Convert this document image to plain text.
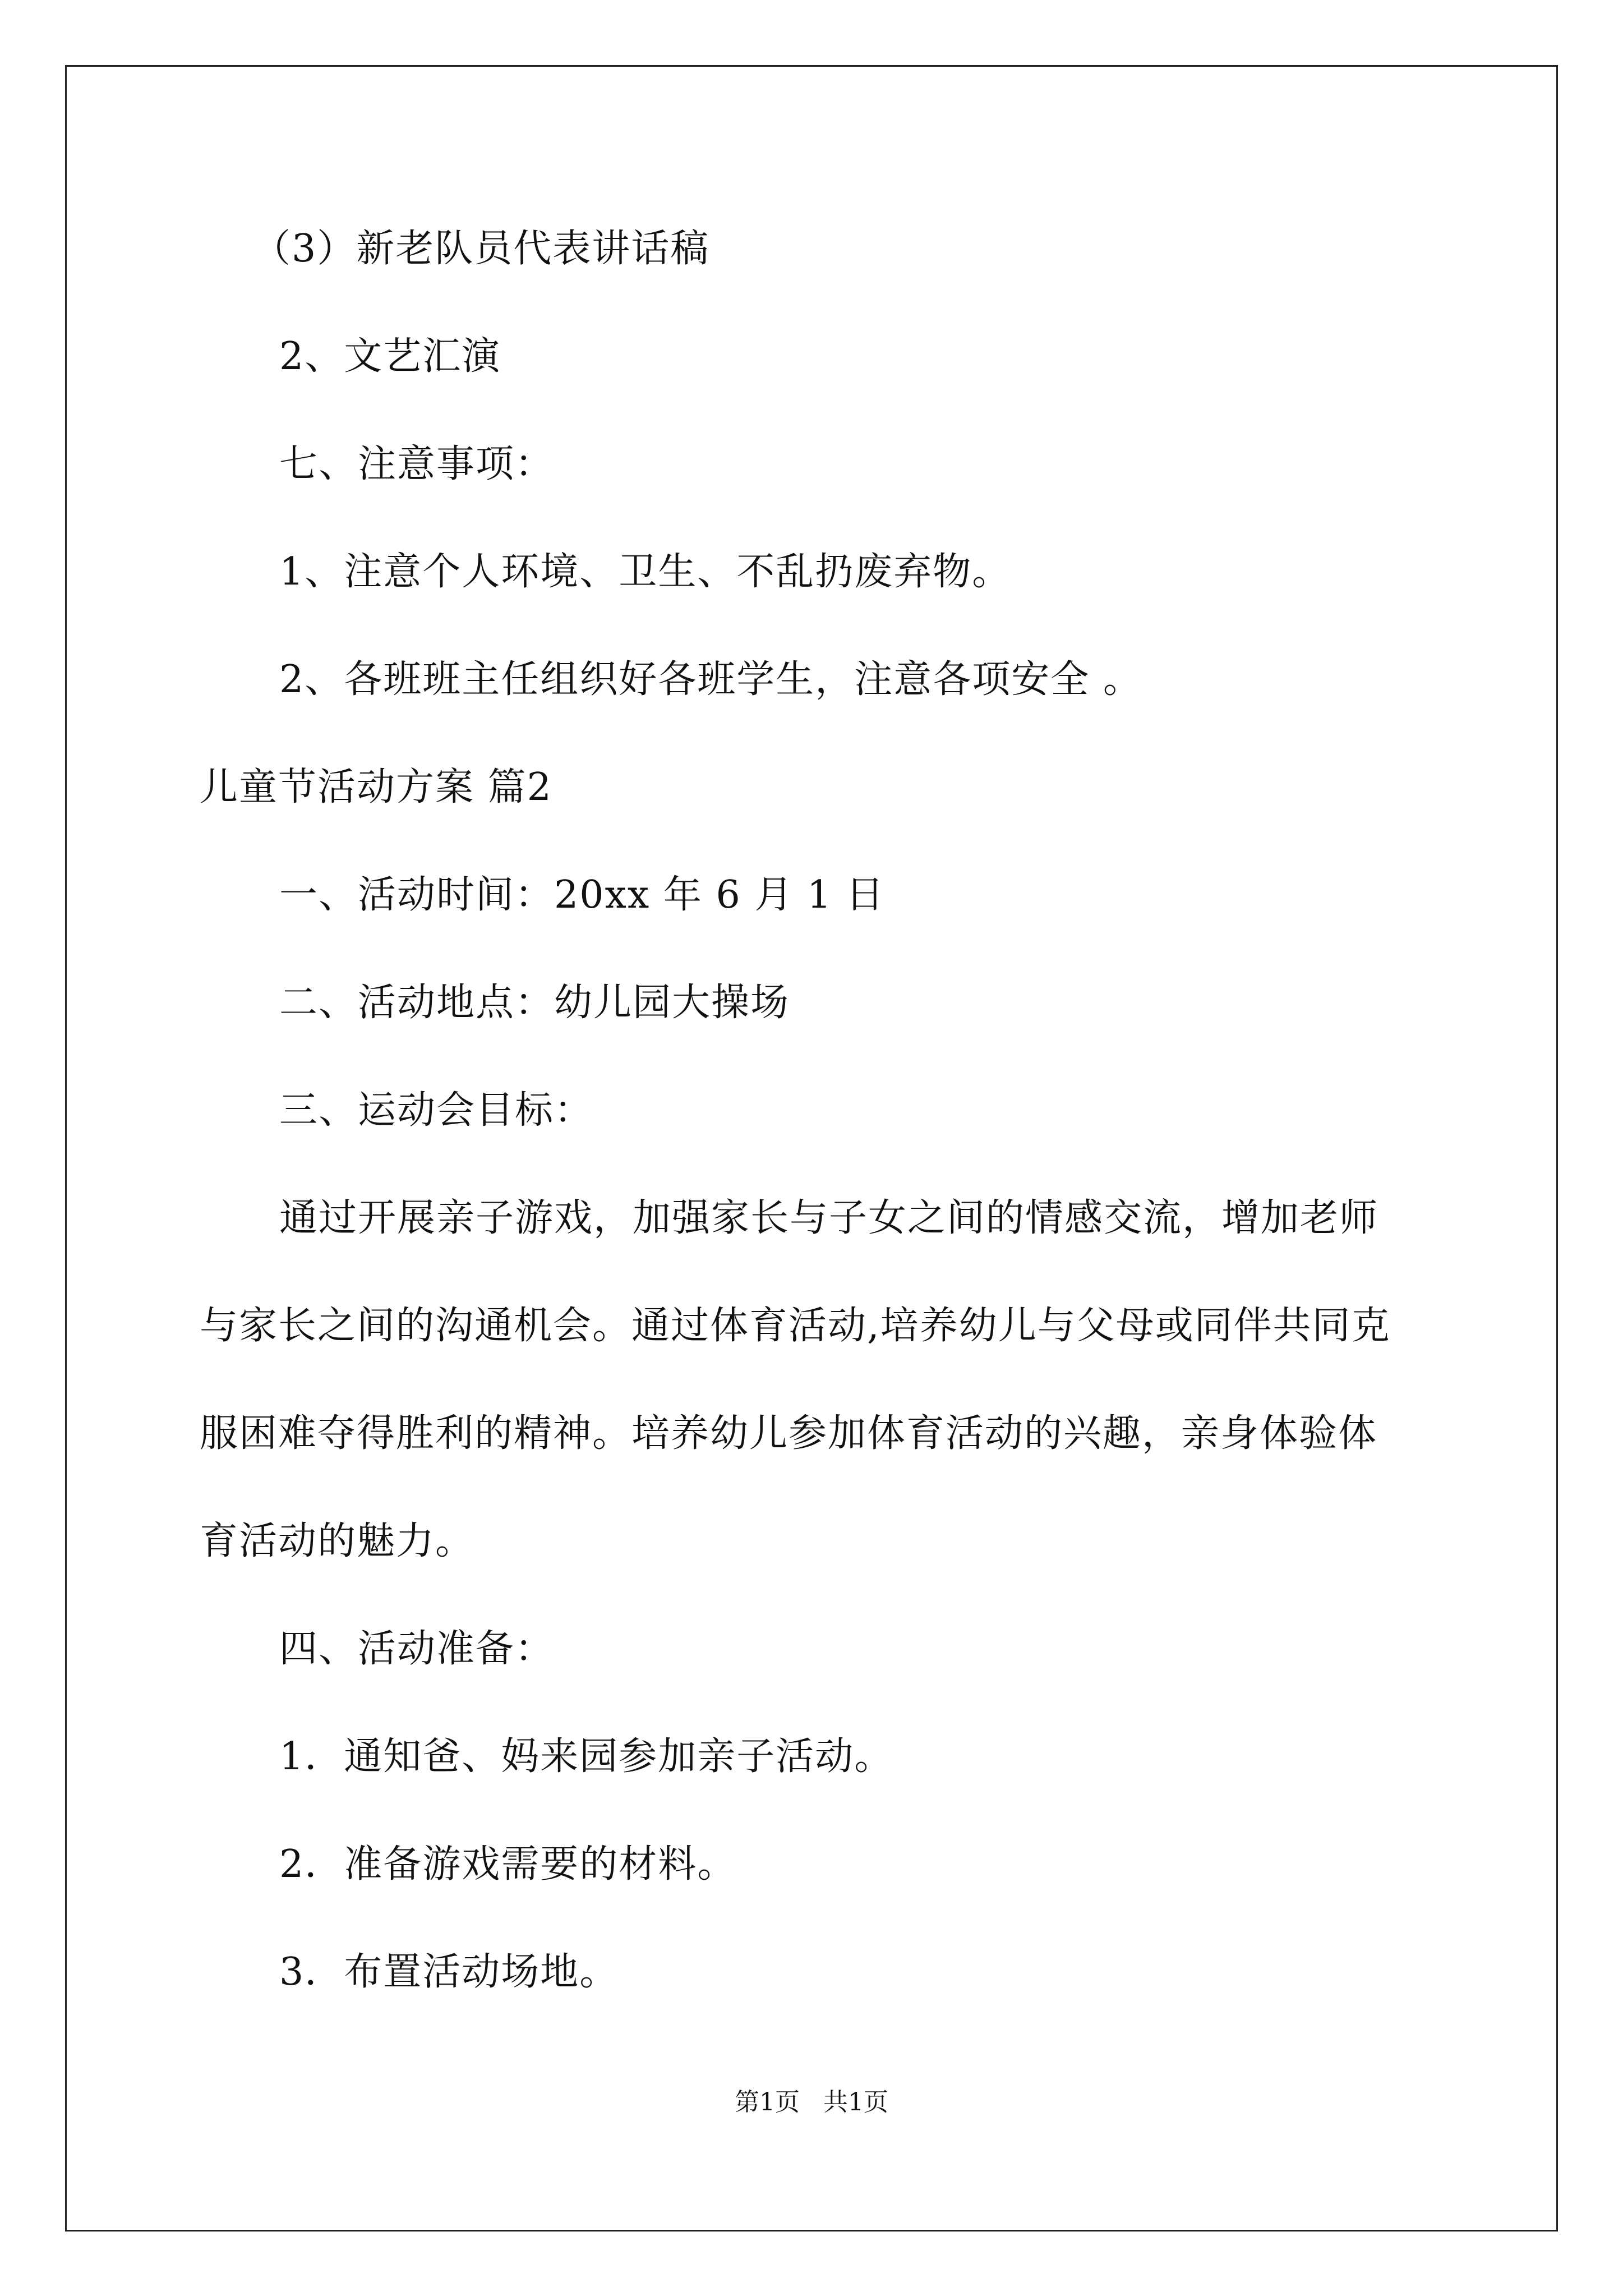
（3）新老队员代表讲话稿
2、文艺汇演
七、注意事项：
1、注意个人环境、卫生、不乱扔废弃物。
2、各班班主任组织好各班学生，注意各项安全 。
儿童节活动方案 篇2
一、活动时间：20xx 年 6 月 1 日
二、活动地点：幼儿园大操场
三、运动会目标：
通过开展亲子游戏，加强家长与子女之间的情感交流，增加老师
与家长之间的沟通机会。通过体育活动,培养幼儿与父母或同伴共同克
服困难夺得胜利的精神。培养幼儿参加体育活动的兴趣，亲身体验体
育活动的魅力。
四、活动准备：
1．通知爸、妈来园参加亲子活动。
2．准备游戏需要的材料。
3．布置活动场地。
第1页   共1页
